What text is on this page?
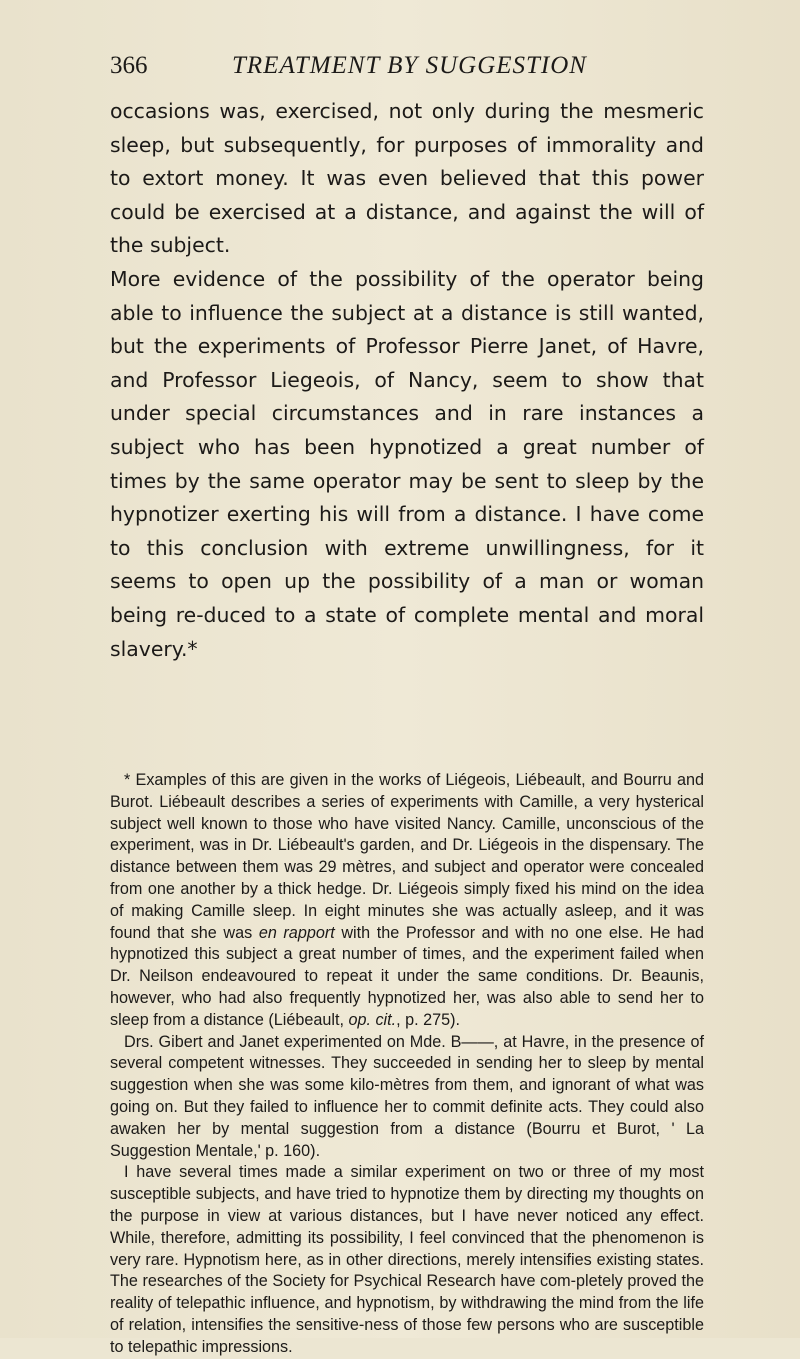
366	TREATMENT BY SUGGESTION

occasions was, exercised, not only during the mesmeric sleep, but subsequently, for purposes of immorality and to extort money. It was even believed that this power could be exercised at a distance, and against the will of the subject.

More evidence of the possibility of the operator being able to influence the subject at a distance is still wanted, but the experiments of Professor Pierre Janet, of Havre, and Professor Liegeois, of Nancy, seem to show that under special circumstances and in rare instances a subject who has been hypnotized a great number of times by the same operator may be sent to sleep by the hypnotizer exerting his will from a distance. I have come to this conclusion with extreme unwillingness, for it seems to open up the possibility of a man or woman being re-duced to a state of complete mental and moral slavery.*

* Examples of this are given in the works of Liégeois, Liébeault, and Bourru and Burot. Liébeault describes a series of experiments with Camille, a very hysterical subject well known to those who have visited Nancy. Camille, unconscious of the experiment, was in Dr. Liébeault's garden, and Dr. Liégeois in the dispensary. The distance between them was 29 mètres, and subject and operator were concealed from one another by a thick hedge. Dr. Liégeois simply fixed his mind on the idea of making Camille sleep. In eight minutes she was actually asleep, and it was found that she was en rapport with the Professor and with no one else. He had hypnotized this subject a great number of times, and the experiment failed when Dr. Neilson endeavoured to repeat it under the same conditions. Dr. Beaunis, however, who had also frequently hypnotized her, was also able to send her to sleep from a distance (Liébeault, op. cit., p. 275).

Drs. Gibert and Janet experimented on Mde. B——, at Havre, in the presence of several competent witnesses. They succeeded in sending her to sleep by mental suggestion when she was some kilo-mètres from them, and ignorant of what was going on. But they failed to influence her to commit definite acts. They could also awaken her by mental suggestion from a distance (Bourru et Burot, ' La Suggestion Mentale,' p. 160).

I have several times made a similar experiment on two or three of my most susceptible subjects, and have tried to hypnotize them by directing my thoughts on the purpose in view at various distances, but I have never noticed any effect. While, therefore, admitting its possibility, I feel convinced that the phenomenon is very rare. Hypnotism here, as in other directions, merely intensifies existing states. The researches of the Society for Psychical Research have com-pletely proved the reality of telepathic influence, and hypnotism, by withdrawing the mind from the life of relation, intensifies the sensitive-ness of those few persons who are susceptible to telepathic impressions.
